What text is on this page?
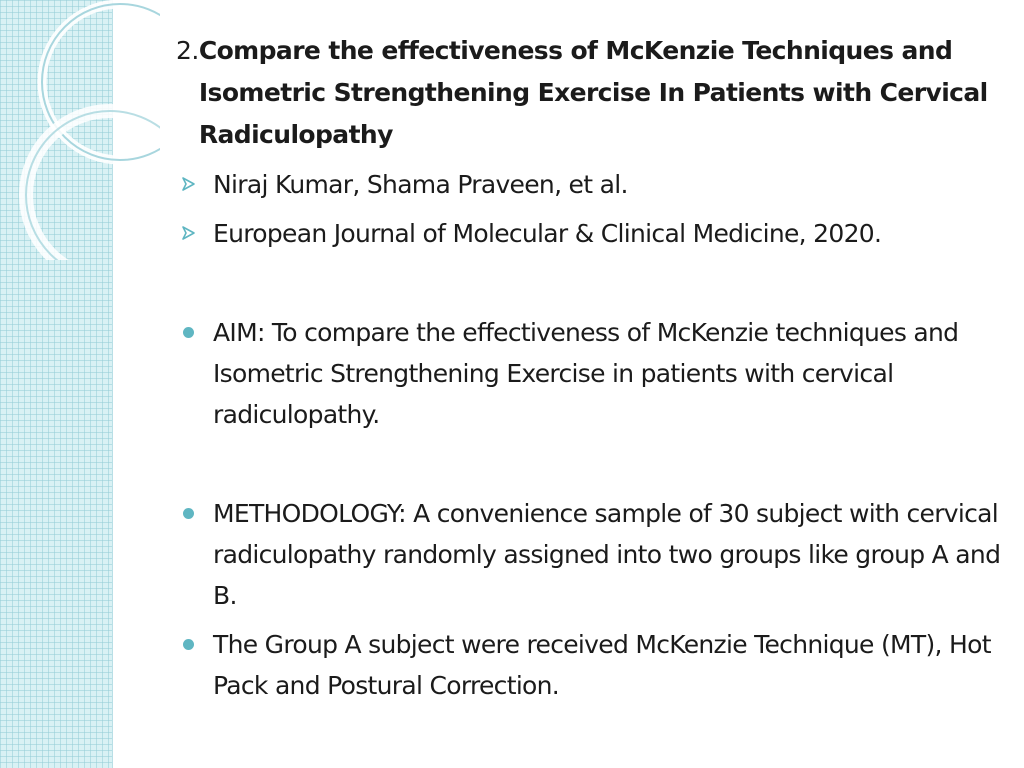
2. Compare the effectiveness of McKenzie Techniques and Isometric Strengthening Exercise In Patients with Cervical Radiculopathy
Niraj Kumar, Shama Praveen, et al.
European Journal of Molecular & Clinical Medicine, 2020.
AIM: To compare the effectiveness of McKenzie techniques and Isometric Strengthening Exercise in patients with cervical radiculopathy.
METHODOLOGY: A convenience sample of 30 subject with cervical radiculopathy randomly assigned into two groups like group A and B.
The Group A subject were received McKenzie Technique (MT), Hot Pack and Postural Correction.
